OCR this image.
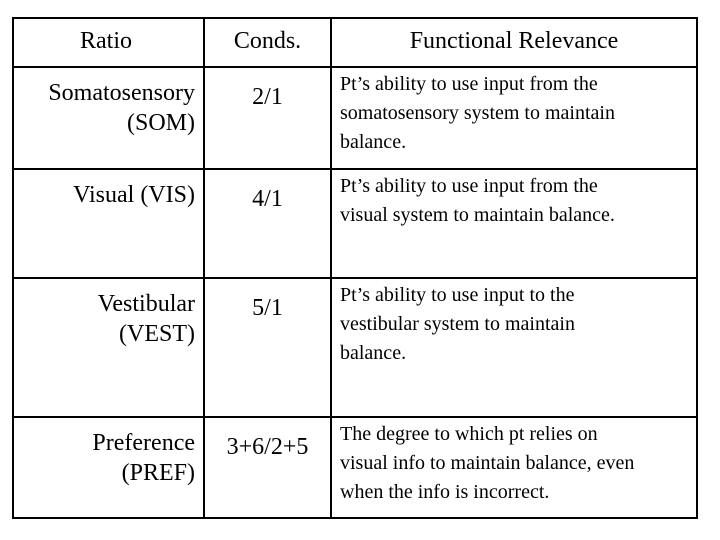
Ratio	Conds.	Functional Relevance

Somatosensory
(SOM)	2/1	Pt’s ability to use input from the
somatosensory system to maintain
balance.

Visual (VIS)	4/1	Pt’s ability to use input from the
visual system to maintain balance.

Vestibular
(VEST)	5/1	Pt’s ability to use input to the
vestibular system to maintain
balance.

Preference
(PREF)	3+6/2+5	The degree to which pt relies on
visual info to maintain balance, even
when the info is incorrect.
